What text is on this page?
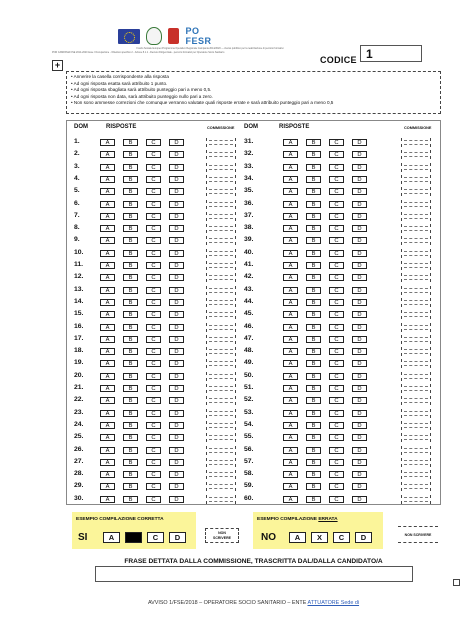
PO FESR
Fondo Sociale Europeo Programma Operativo Regionale Campania 2014/2020 — Avviso pubblico per la realizzazione di percorsi formativi
POR CAMPANIA FSE 2014-2020 Asse I Occupazione - Obiettivo specifico 2 - Azione 8.1.1 - Decreto Dirigenziale - percorsi formativi per Operatore Socio Sanitario
CODICE 1
+
• Annerire la casella corrispondente alla risposta
• Ad ogni risposta esatta sarà attribuito 1 punto.
• Ad ogni risposta sbagliata sarà attribuito punteggio pari a meno 0,5.
• Ad ogni risposta non data, sarà attribuito punteggio nullo pari a zero.
• Non sono ammesse correzioni che comunque verranno valutate quali risposte errate e sarà attribuito punteggio pari a meno 0,5
DOM	RISPOSTE	COMMISSIONE DOM	RISPOSTE	COMMISSIONE
1.	A	B	C	D
2.	A	B	C	D
3.	A	B	C	D
4.	A	B	C	D
5.	A	B	C	D
6.	A	B	C	D
7.	A	B	C	D
8.	A	B	C	D
9.	A	B	C	D
10.	A	B	C	D
11.	A	B	C	D
12.	A	B	C	D
13.	A	B	C	D
14.	A	B	C	D
15.	A	B	C	D
16.	A	B	C	D
17.	A	B	C	D
18.	A	B	C	D
19.	A	B	C	D
20.	A	B	C	D
21.	A	B	C	D
22.	A	B	C	D
23.	A	B	C	D
24.	A	B	C	D
25.	A	B	C	D
26.	A	B	C	D
27.	A	B	C	D
28.	A	B	C	D
29.	A	B	C	D
30.	A	B	C	D
31.	A	B	C	D
32.	A	B	C	D
33.	A	B	C	D
34.	A	B	C	D
35.	A	B	C	D
36.	A	B	C	D
37.	A	B	C	D
38.	A	B	C	D
39.	A	B	C	D
40.	A	B	C	D
41.	A	B	C	D
42.	A	B	C	D
43.	A	B	C	D
44.	A	B	C	D
45.	A	B	C	D
46.	A	B	C	D
47.	A	B	C	D
48.	A	B	C	D
49.	A	B	C	D
50.	A	B	C	D
51.	A	B	C	D
52.	A	B	C	D
53.	A	B	C	D
54.	A	B	C	D
55.	A	B	C	D
56.	A	B	C	D
57.	A	B	C	D
58.	A	B	C	D
59.	A	B	C	D
60.	A	B	C	D
ESEMPIO COMPILAZIONE CORRETTA
SI	A	C	D	NON
SCRIVERE
ESEMPIO COMPILAZIONE ERRATA
NO	A	X	C	D	NON SCRIVERE
FRASE DETTATA DALLA COMMISSIONE, TRASCRITTA DAL/DALLA CANDIDATO/A
AVVISO 1/FSE/2018 – OPERATORE SOCIO SANITARIO – ENTE ATTUATORE Sede di
